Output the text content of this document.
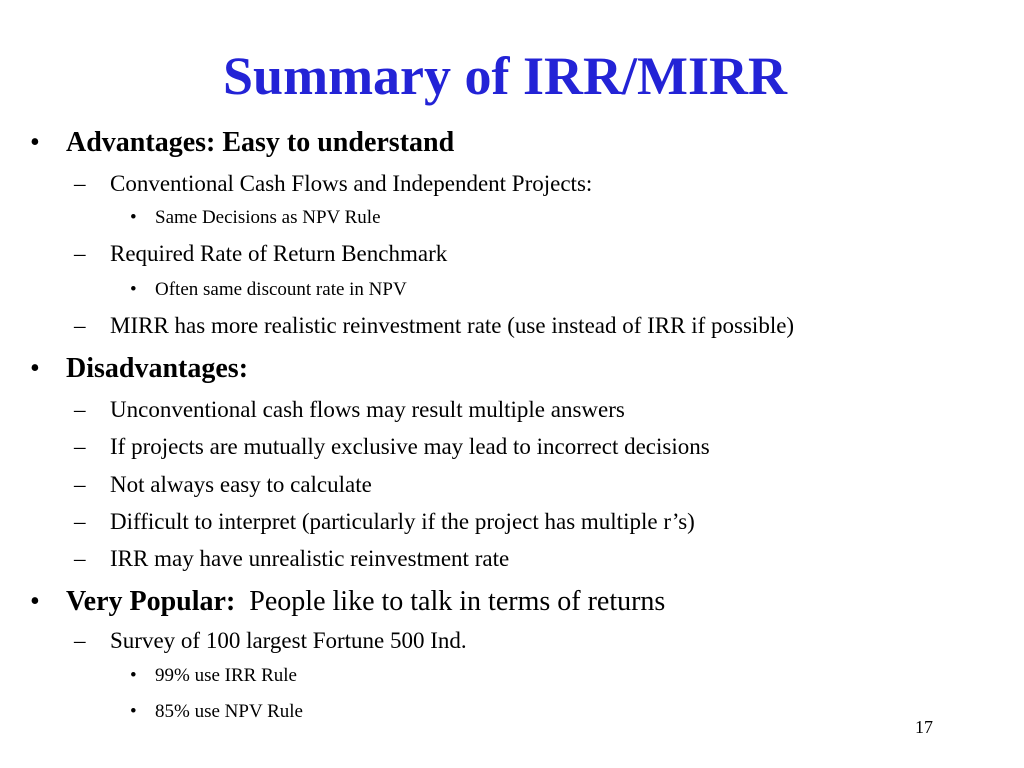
Summary of IRR/MIRR
• Advantages: Easy to understand
– Conventional Cash Flows and Independent Projects:
• Same Decisions as NPV Rule
– Required Rate of Return Benchmark
• Often same discount rate in NPV
– MIRR has more realistic reinvestment rate (use instead of IRR if possible)
• Disadvantages:
– Unconventional cash flows may result multiple answers
– If projects are mutually exclusive may lead to incorrect decisions
– Not always easy to calculate
– Difficult to interpret (particularly if the project has multiple r’s)
– IRR may have unrealistic reinvestment rate
• Very Popular: People like to talk in terms of returns
– Survey of 100 largest Fortune 500 Ind.
• 99% use IRR Rule
• 85% use NPV Rule
17
